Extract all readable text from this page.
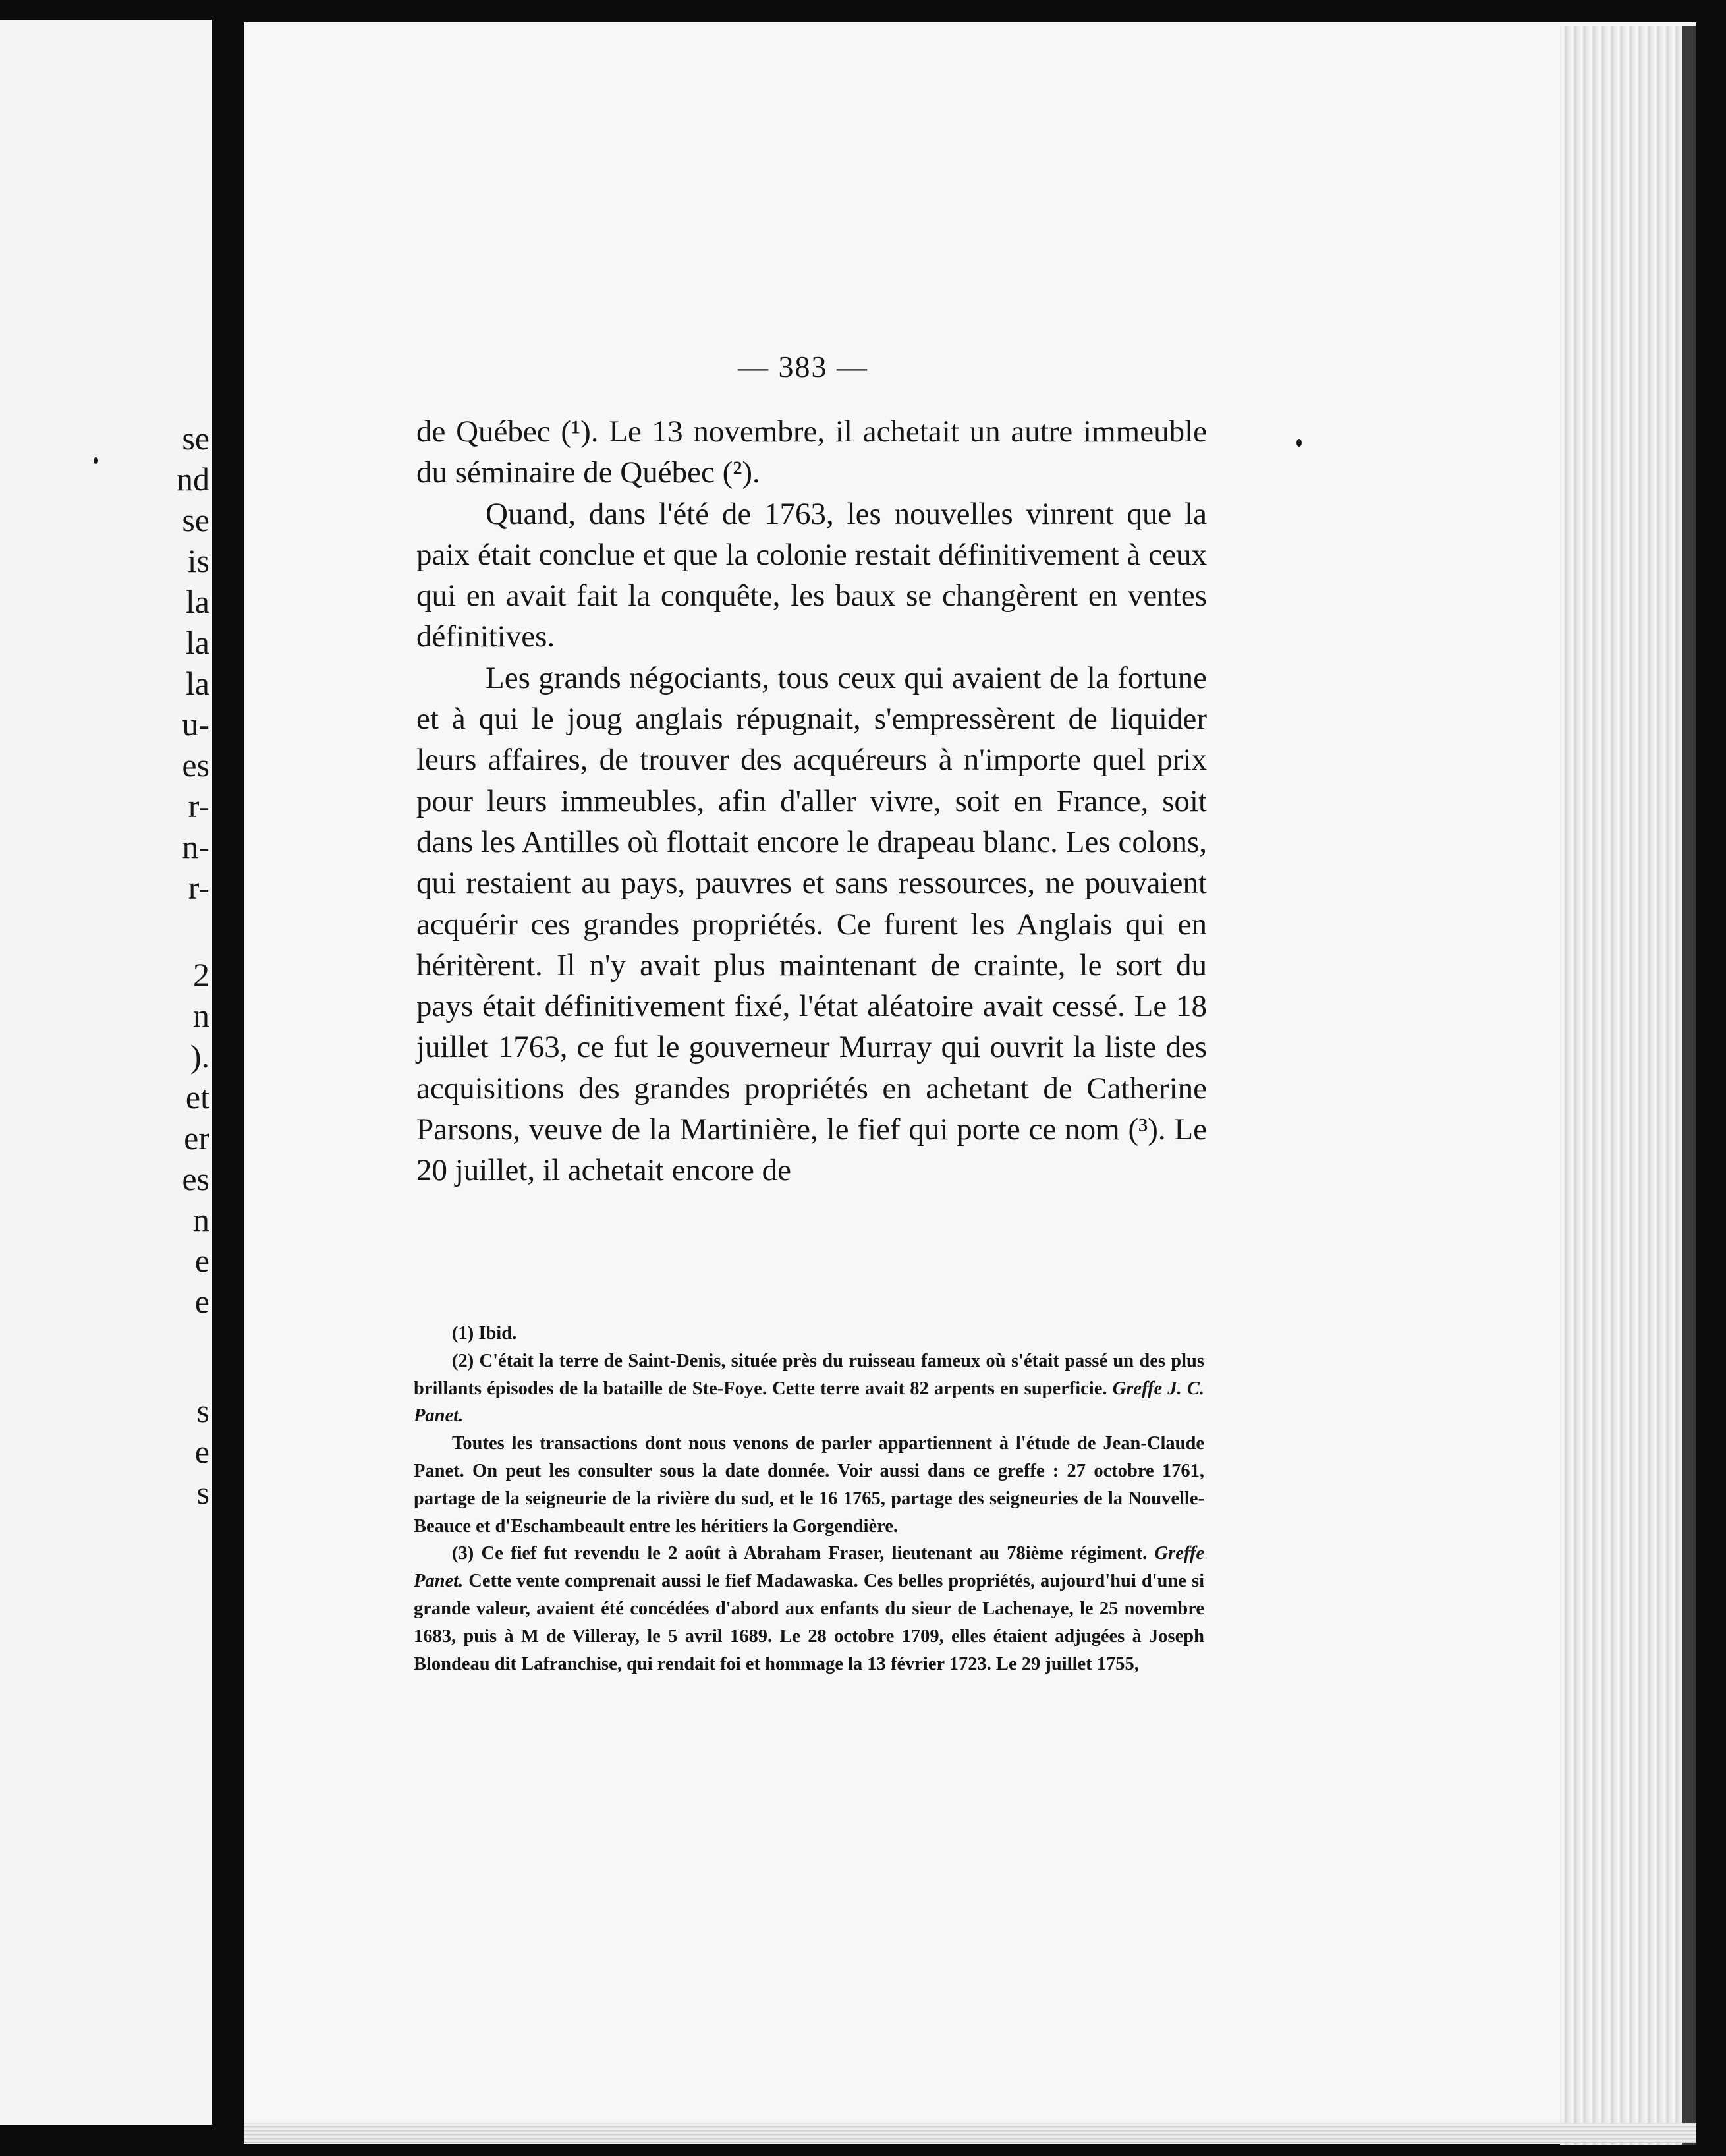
se

nd

se

is

la

la

la

u-

es

r-

n-

r-

2

n

).

et

er

es

n

e

e

s

e

s

— 383 —

de Québec (¹). Le 13 novembre, il achetait un autre immeuble du séminaire de Québec (²).

Quand, dans l'été de 1763, les nouvelles vinrent que la paix était conclue et que la colonie restait définitivement à ceux qui en avait fait la conquête, les baux se changèrent en ventes définitives.

Les grands négociants, tous ceux qui avaient de la fortune et à qui le joug anglais répugnait, s'empressèrent de liquider leurs affaires, de trouver des acquéreurs à n'importe quel prix pour leurs immeubles, afin d'aller vivre, soit en France, soit dans les Antilles où flottait encore le drapeau blanc. Les colons, qui restaient au pays, pauvres et sans ressources, ne pouvaient acquérir ces grandes propriétés. Ce furent les Anglais qui en héritèrent. Il n'y avait plus maintenant de crainte, le sort du pays était définitivement fixé, l'état aléatoire avait cessé. Le 18 juillet 1763, ce fut le gouverneur Murray qui ouvrit la liste des acquisitions des grandes propriétés en achetant de Catherine Parsons, veuve de la Martinière, le fief qui porte ce nom (³). Le 20 juillet, il achetait encore de

(1) Ibid.

(2) C'était la terre de Saint-Denis, située près du ruisseau fameux où s'était passé un des plus brillants épisodes de la bataille de Ste-Foye. Cette terre avait 82 arpents en superficie. Greffe J. C. Panet.

Toutes les transactions dont nous venons de parler appartiennent à l'étude de Jean-Claude Panet. On peut les consulter sous la date donnée. Voir aussi dans ce greffe : 27 octobre 1761, partage de la seigneurie de la rivière du sud, et le 16 1765, partage des seigneuries de la Nouvelle-Beauce et d'Eschambeault entre les héritiers la Gorgendière.

(3) Ce fief fut revendu le 2 août à Abraham Fraser, lieutenant au 78ième régiment. Greffe Panet. Cette vente comprenait aussi le fief Madawaska. Ces belles propriétés, aujourd'hui d'une si grande valeur, avaient été concédées d'abord aux enfants du sieur de Lachenaye, le 25 novembre 1683, puis à M de Villeray, le 5 avril 1689. Le 28 octobre 1709, elles étaient adjugées à Joseph Blondeau dit Lafranchise, qui rendait foi et hommage la 13 février 1723. Le 29 juillet 1755,
